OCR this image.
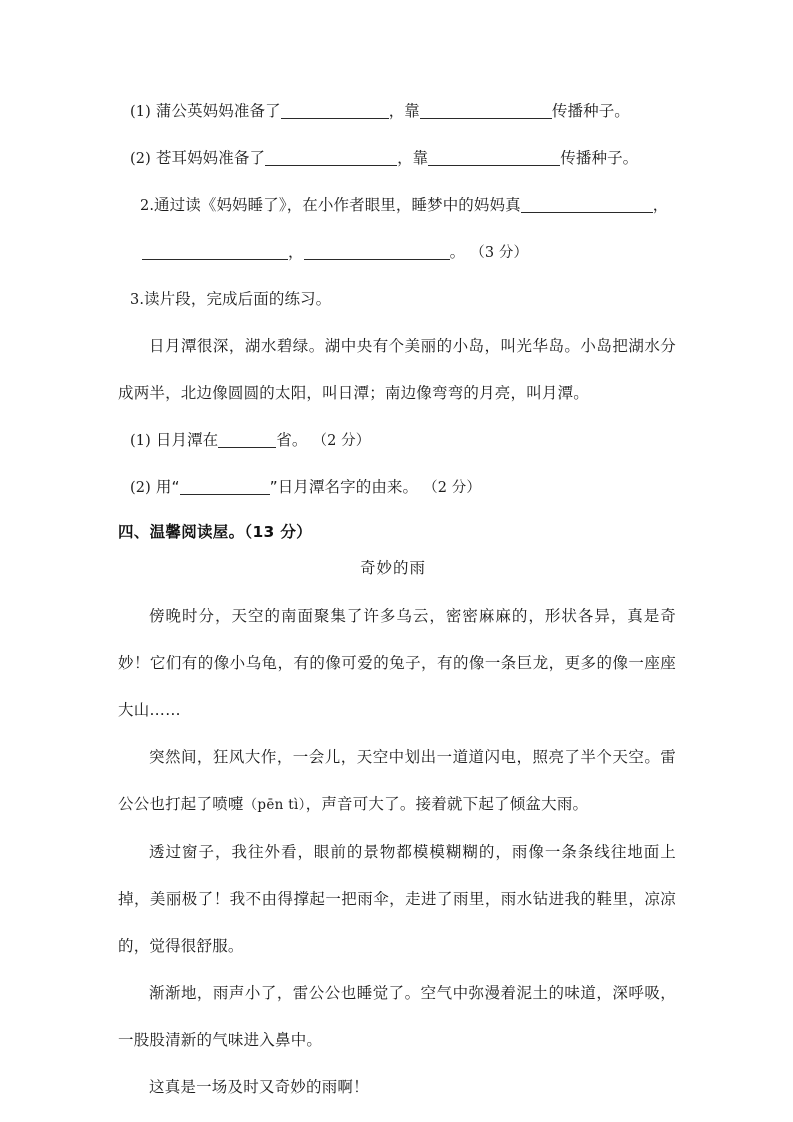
(1) 蒲公英妈妈准备了	，靠	传播种子。
(2) 苍耳妈妈准备了	，靠	传播种子。
2.通过读《妈妈睡了》，在小作者眼里，睡梦中的妈妈真	，
，	。 （3 分）
3.读片段，完成后面的练习。
日月潭很深，湖水碧绿。湖中央有个美丽的小岛，叫光华岛。小岛把湖水分成两半，北边像圆圆的太阳，叫日潭；南边像弯弯的月亮，叫月潭。
(1) 日月潭在	省。 （2 分）
(2) 用“	”日月潭名字的由来。 （2 分）
四、温馨阅读屋。（13 分）
奇妙的雨
傍晚时分，天空的南面聚集了许多乌云，密密麻麻的，形状各异，真是奇妙！它们有的像小乌龟，有的像可爱的兔子，有的像一条巨龙，更多的像一座座大山……
突然间，狂风大作，一会儿，天空中划出一道道闪电，照亮了半个天空。雷公公也打起了喷嚏（pēn tì），声音可大了。接着就下起了倾盆大雨。
透过窗子，我往外看，眼前的景物都模模糊糊的，雨像一条条线往地面上掉，美丽极了！我不由得撑起一把雨伞，走进了雨里，雨水钻进我的鞋里，凉凉的，觉得很舒服。
渐渐地，雨声小了，雷公公也睡觉了。空气中弥漫着泥土的味道，深呼吸，一股股清新的气味进入鼻中。
这真是一场及时又奇妙的雨啊！
